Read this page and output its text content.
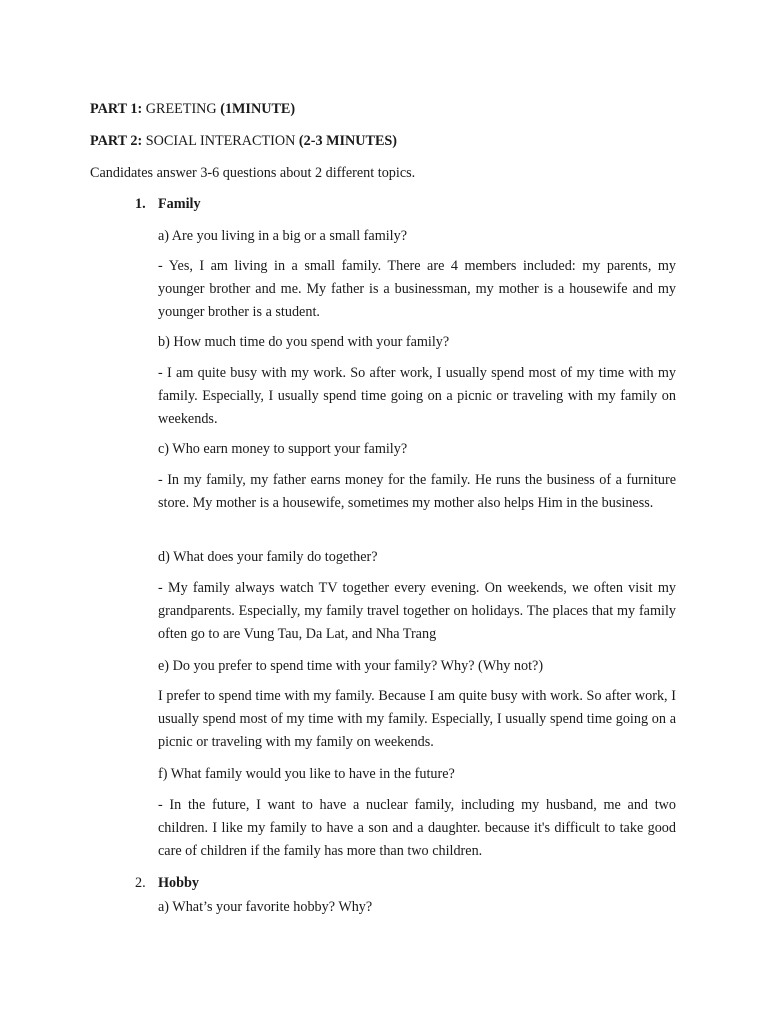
PART 1: GREETING (1MINUTE)
PART 2: SOCIAL INTERACTION (2-3 MINUTES)
Candidates answer 3-6 questions about 2 different topics.
1. Family
a) Are you living in a big or a small family?
- Yes, I am living in a small family. There are 4 members included: my parents, my younger brother and me. My father is a businessman, my mother is a housewife and my younger brother is a student.
b) How much time do you spend with your family?
- I am quite busy with my work. So after work, I usually spend most of my time with my family. Especially, I usually spend time going on a picnic or traveling with my family on weekends.
c) Who earn money to support your family?
- In my family, my father earns money for the family. He runs the business of a furniture store. My mother is a housewife, sometimes my mother also helps Him in the business.
d) What does your family do together?
- My family always watch TV together every evening. On weekends, we often visit my grandparents. Especially, my family travel together on holidays. The places that my family often go to are Vung Tau, Da Lat, and Nha Trang
e) Do you prefer to spend time with your family? Why? (Why not?)
I prefer to spend time with my family. Because I am quite busy with work. So after work, I usually spend most of my time with my family. Especially, I usually spend time going on a picnic or traveling with my family on weekends.
f) What family would you like to have in the future?
- In the future, I want to have a nuclear family, including my husband, me and two children. I like my family to have a son and a daughter. because it's difficult to take good care of children if the family has more than two children.
2. Hobby
a) What’s your favorite hobby? Why?
